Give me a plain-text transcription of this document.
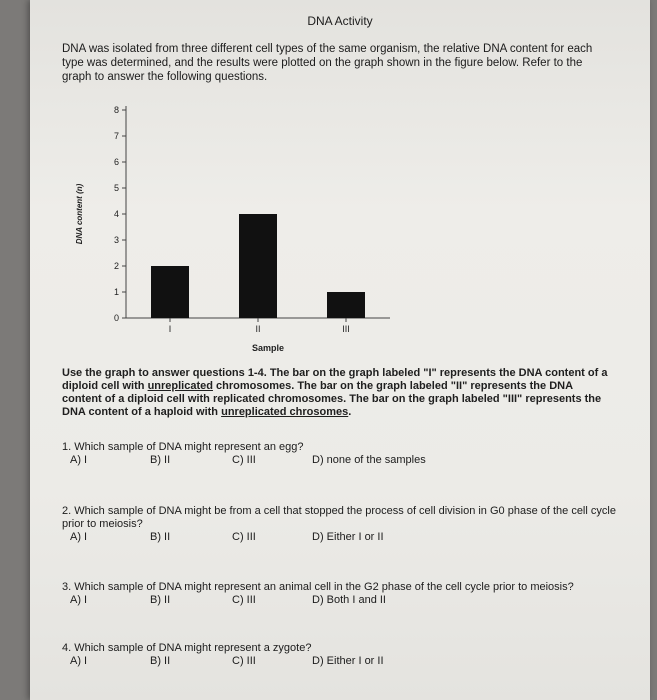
DNA Activity
DNA was isolated from three different cell types of the same organism, the relative DNA content for each type was determined, and the results were plotted on the graph shown in the figure below. Refer to the graph to answer the following questions.
0
1
2
3
4
5
6
7
8
I	II	III
DNA content (n)
Sample
Use the graph to answer questions 1-4. The bar on the graph labeled "I" represents the DNA content of a diploid cell with unreplicated chromosomes. The bar on the graph labeled "II" represents the DNA content of a diploid cell with replicated chromosomes. The bar on the graph labeled "III" represents the DNA content of a haploid with unreplicated chrosomes.
1. Which sample of DNA might represent an egg?
A) I	B) II	C) III	D) none of the samples
2. Which sample of DNA might be from a cell that stopped the process of cell division in G0 phase of the cell cycle prior to meiosis?
A) I	B) II	C) III	D) Either I or II
3. Which sample of DNA might represent an animal cell in the G2 phase of the cell cycle prior to meiosis?
A) I	B) II	C) III	D) Both I and II
4. Which sample of DNA might represent a zygote?
A) I	B) II	C) III	D) Either I or II
